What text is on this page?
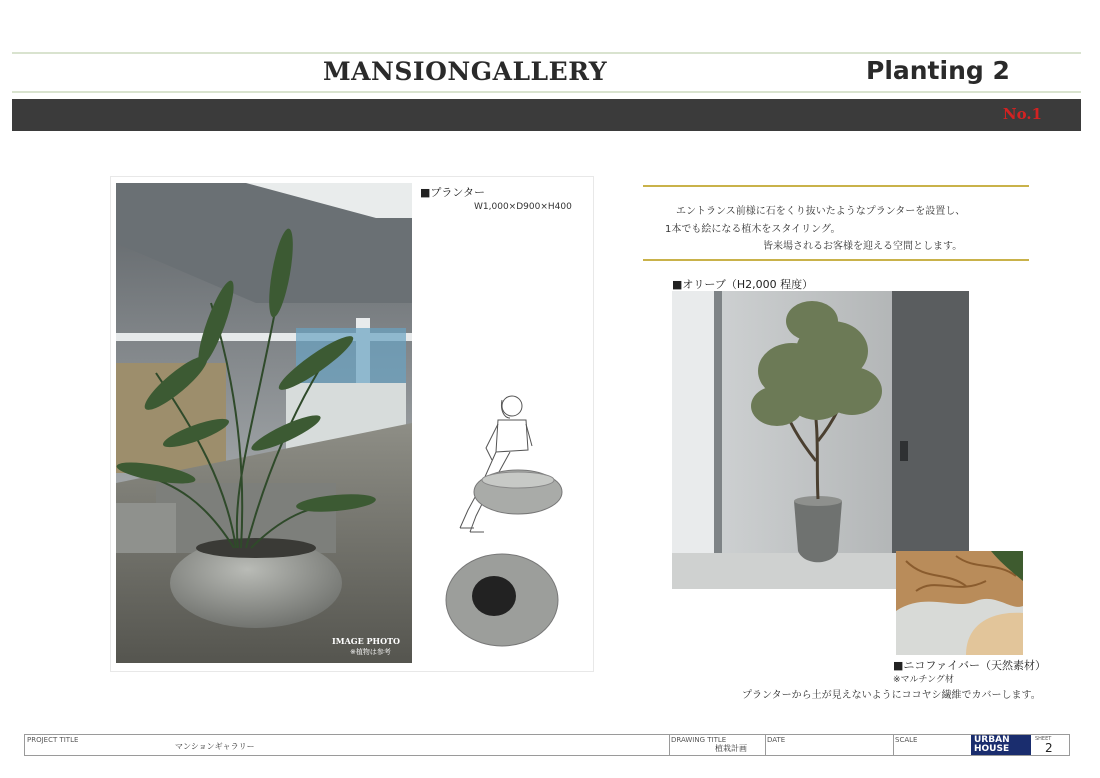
MANSIONGALLERY	Planting 2
No.1
IMAGE PHOTO
※植物は参考
■プランター
W1,000×D900×H400	エントランス前様に石をくり抜いたようなプランターを設置し、
1本でも絵になる植木をスタイリング。
皆来場されるお客様を迎える空間とします。
■オリーブ（H2,000 程度）
■ニコファイバー（天然素材）
※マルチング材
プランターから土が見えないようにココヤシ繊維でカバーします。
PROJECT TITLE
マンションギャラリー
DRAWING TITLE
植栽計画
DATE	SCALE	URBAN
HOUSE
SHEET
2
